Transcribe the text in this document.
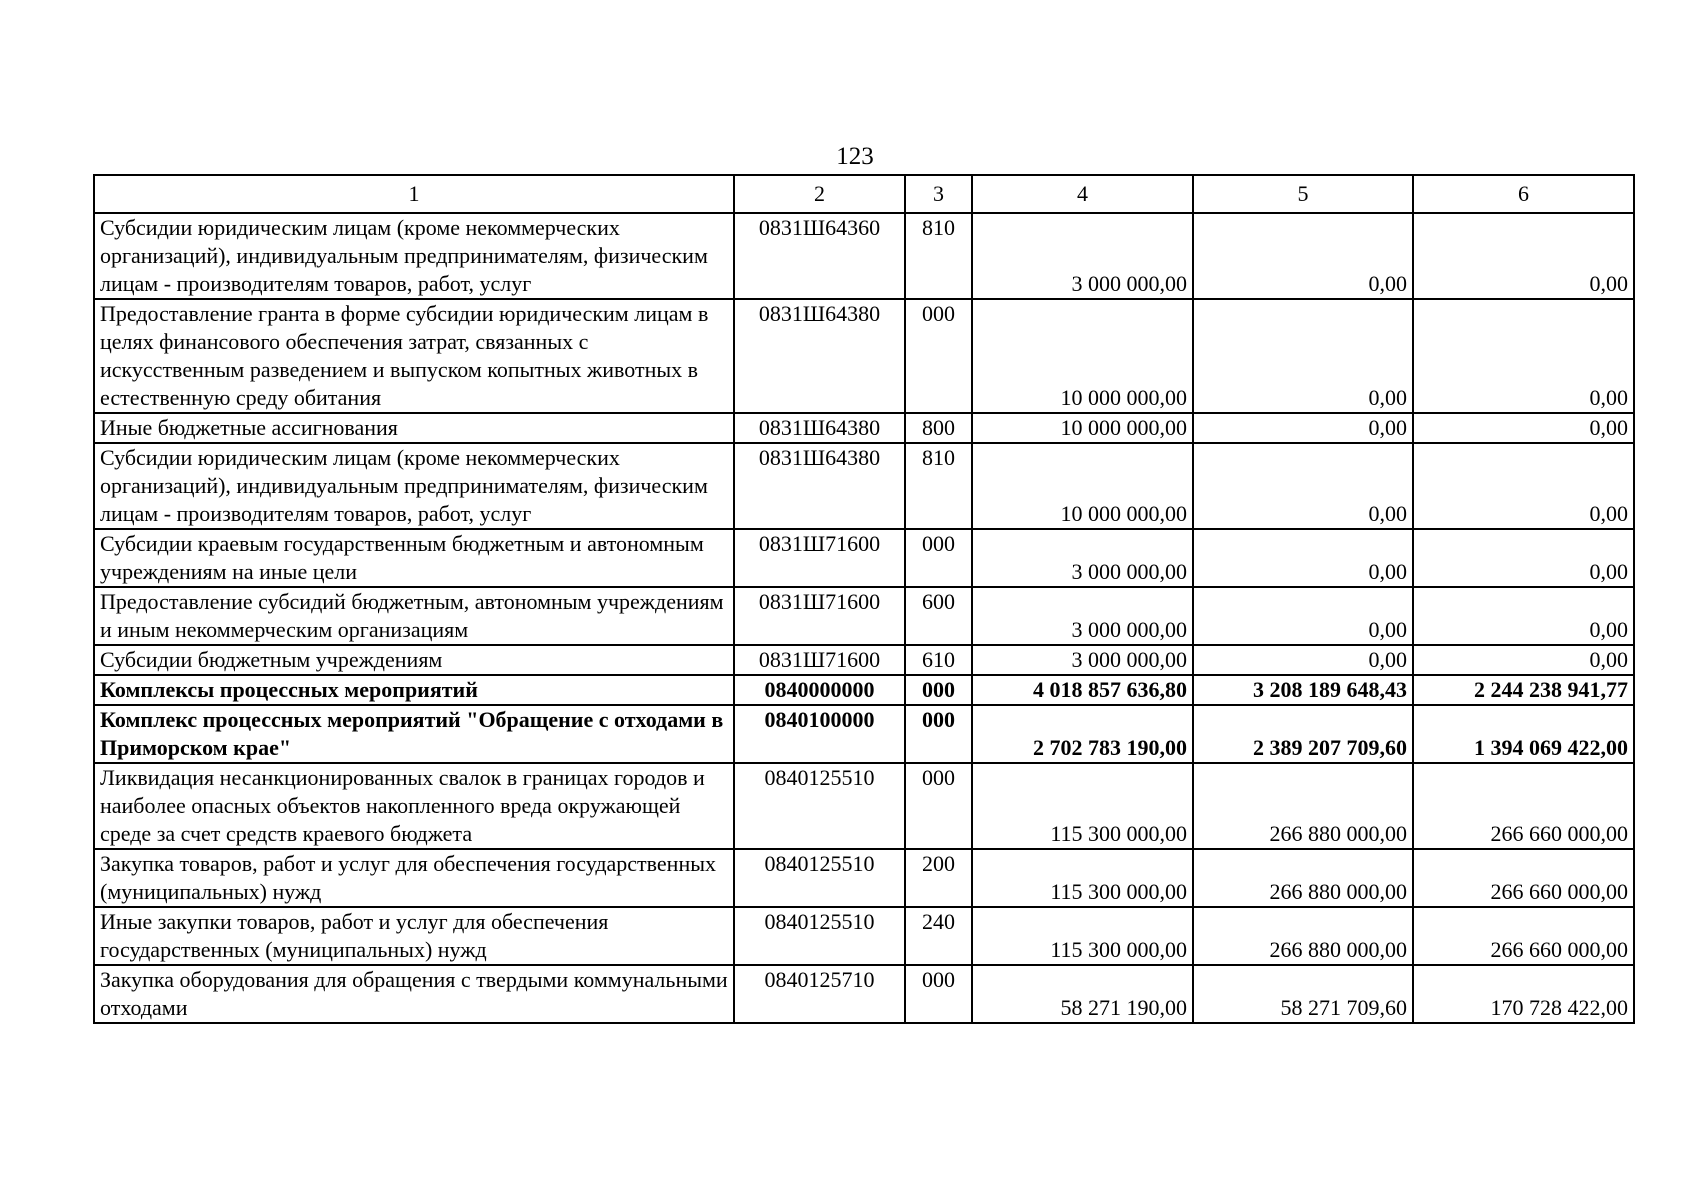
123
1	2	3	4	5	6
Субсидии юридическим лицам (кроме некоммерческих организаций), индивидуальным предпринимателям, физическим лицам - производителям товаров, работ, услуг	0831Ш64360	810	3 000 000,00	0,00	0,00
Предоставление гранта в форме субсидии юридическим лицам в целях финансового обеспечения затрат, связанных с искусственным разведением и выпуском копытных животных в естественную среду обитания	0831Ш64380	000	10 000 000,00	0,00	0,00
Иные бюджетные ассигнования	0831Ш64380	800	10 000 000,00	0,00	0,00
Субсидии юридическим лицам (кроме некоммерческих организаций), индивидуальным предпринимателям, физическим лицам - производителям товаров, работ, услуг	0831Ш64380	810	10 000 000,00	0,00	0,00
Субсидии краевым государственным бюджетным и автономным учреждениям на иные цели	0831Ш71600	000	3 000 000,00	0,00	0,00
Предоставление субсидий бюджетным, автономным учреждениям и иным некоммерческим организациям	0831Ш71600	600	3 000 000,00	0,00	0,00
Субсидии бюджетным учреждениям	0831Ш71600	610	3 000 000,00	0,00	0,00
Комплексы процессных мероприятий	0840000000	000	4 018 857 636,80	3 208 189 648,43	2 244 238 941,77
Комплекс процессных мероприятий "Обращение с отходами в Приморском крае"	0840100000	000	2 702 783 190,00	2 389 207 709,60	1 394 069 422,00
Ликвидация несанкционированных свалок в границах городов и наиболее опасных объектов накопленного вреда окружающей среде за счет средств краевого бюджета	0840125510	000	115 300 000,00	266 880 000,00	266 660 000,00
Закупка товаров, работ и услуг для обеспечения государственных (муниципальных) нужд	0840125510	200	115 300 000,00	266 880 000,00	266 660 000,00
Иные закупки товаров, работ и услуг для обеспечения государственных (муниципальных) нужд	0840125510	240	115 300 000,00	266 880 000,00	266 660 000,00
Закупка оборудования для обращения с твердыми коммунальными отходами	0840125710	000	58 271 190,00	58 271 709,60	170 728 422,00
